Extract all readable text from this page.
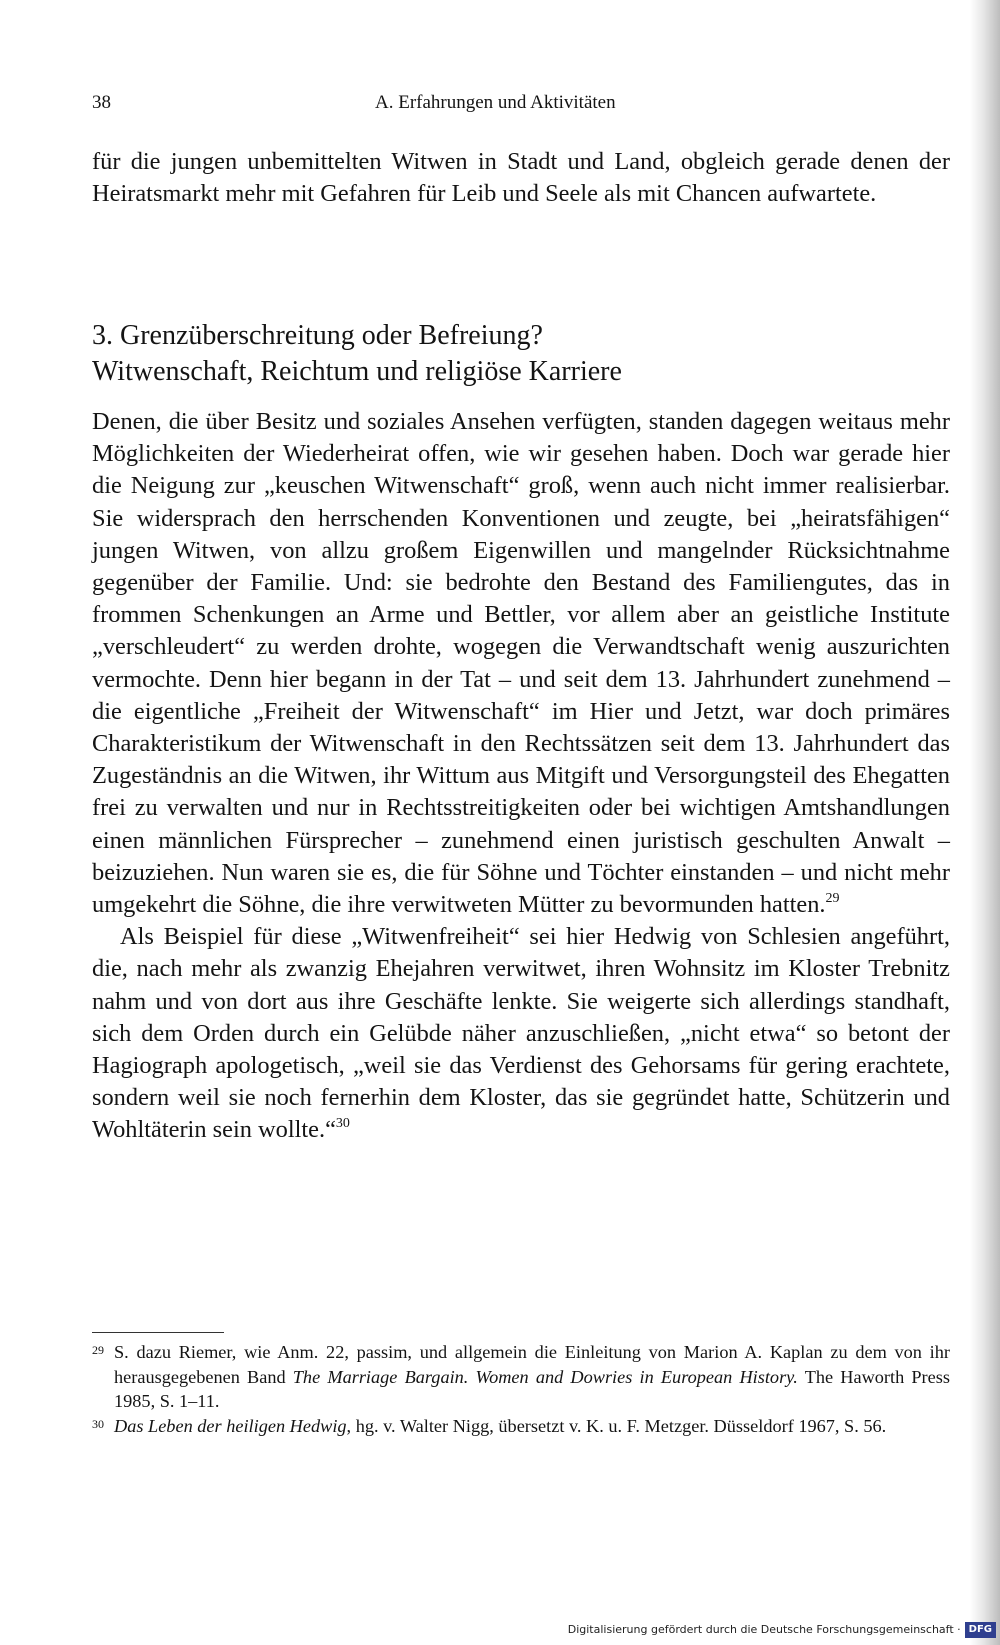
38	A. Erfahrungen und Aktivitäten

für die jungen unbemittelten Witwen in Stadt und Land, obgleich gerade denen der Heiratsmarkt mehr mit Gefahren für Leib und Seele als mit Chancen aufwartete.

3. Grenzüberschreitung oder Befreiung?
Witwenschaft, Reichtum und religiöse Karriere

Denen, die über Besitz und soziales Ansehen verfügten, standen dagegen weitaus mehr Möglichkeiten der Wiederheirat offen, wie wir gesehen haben. Doch war gerade hier die Neigung zur „keuschen Witwenschaft“ groß, wenn auch nicht immer realisierbar. Sie widersprach den herrschenden Konventionen und zeugte, bei „heiratsfähigen“ jungen Witwen, von allzu großem Eigenwillen und mangelnder Rücksichtnahme gegenüber der Familie. Und: sie bedrohte den Bestand des Familiengutes, das in frommen Schenkungen an Arme und Bettler, vor allem aber an geistliche Institute „verschleudert“ zu werden drohte, wogegen die Verwandtschaft wenig auszurichten vermochte. Denn hier begann in der Tat – und seit dem 13. Jahrhundert zunehmend – die eigentliche „Freiheit der Witwenschaft“ im Hier und Jetzt, war doch primäres Charakteristikum der Witwenschaft in den Rechtssätzen seit dem 13. Jahrhundert das Zugeständnis an die Witwen, ihr Wittum aus Mitgift und Versorgungsteil des Ehegatten frei zu verwalten und nur in Rechtsstreitigkeiten oder bei wichtigen Amtshandlungen einen männlichen Fürsprecher – zunehmend einen juristisch geschulten Anwalt – beizuziehen. Nun waren sie es, die für Söhne und Töchter einstanden – und nicht mehr umgekehrt die Söhne, die ihre verwitweten Mütter zu bevormunden hatten.$^{29}$

Als Beispiel für diese „Witwenfreiheit“ sei hier Hedwig von Schlesien angeführt, die, nach mehr als zwanzig Ehejahren verwitwet, ihren Wohnsitz im Kloster Trebnitz nahm und von dort aus ihre Geschäfte lenkte. Sie weigerte sich allerdings standhaft, sich dem Orden durch ein Gelübde näher anzuschließen, „nicht etwa“ so betont der Hagiograph apologetisch, „weil sie das Verdienst des Gehorsams für gering erachtete, sondern weil sie noch fernerhin dem Kloster, das sie gegründet hatte, Schützerin und Wohltäterin sein wollte.“$^{30}$

29 S. dazu Riemer, wie Anm. 22, passim, und allgemein die Einleitung von Marion A. Kaplan zu dem von ihr herausgegebenen Band The Marriage Bargain. Women and Dowries in European History. The Haworth Press 1985, S. 1–11.

30 Das Leben der heiligen Hedwig, hg. v. Walter Nigg, übersetzt v. K. u. F. Metzger. Düsseldorf 1967, S. 56.

Digitalisierung gefördert durch die Deutsche Forschungsgemeinschaft · DFG
